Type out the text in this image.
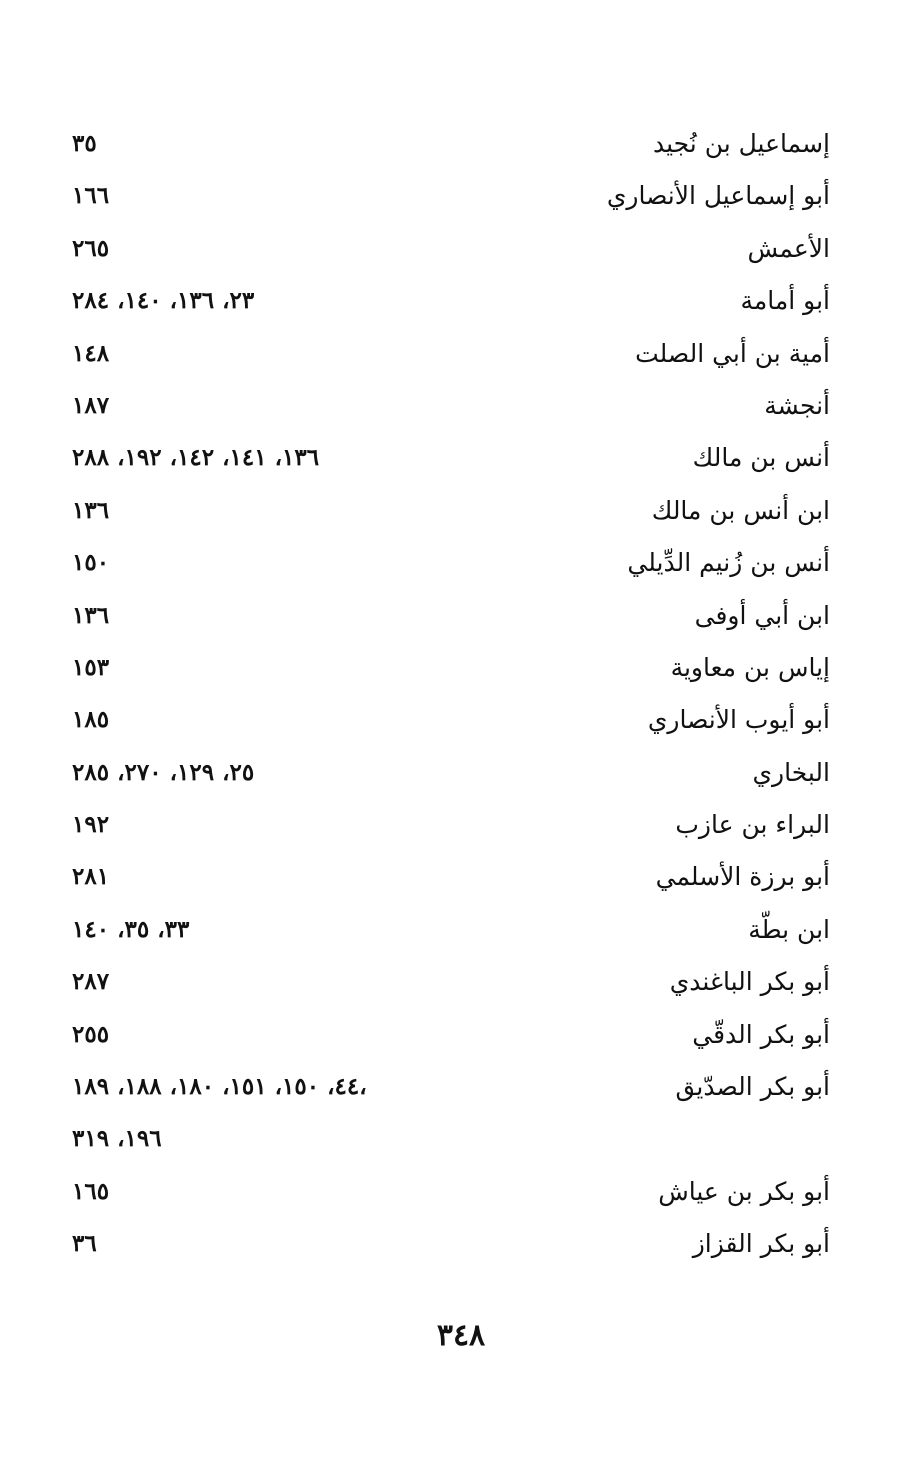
إسماعيل بن نُجيد
٣٥
أبو إسماعيل الأنصاري
١٦٦
الأعمش
٢٦٥
أبو أمامة
٢٣، ١٣٦، ١٤٠، ٢٨٤
أمية بن أبي الصلت
١٤٨
أنجشة
١٨٧
أنس بن مالك
١٣٦، ١٤١، ١٤٢، ١٩٢، ٢٨٨
ابن أنس بن مالك
١٣٦
أنس بن زُنيم الدِّيلي
١٥٠
ابن أبي أوفى
١٣٦
إياس بن معاوية
١٥٣
أبو أيوب الأنصاري
١٨٥
البخاري
٢٥، ١٢٩، ٢٧٠، ٢٨٥
البراء بن عازب
١٩٢
أبو برزة الأسلمي
٢٨١
ابن بطّة
٣٣، ٣٥، ١٤٠
أبو بكر الباغندي
٢٨٧
أبو بكر الدقّي
٢٥٥
أبو بكر الصدّيق
٤٤، ١٥٠، ١٥١، ١٨٠، ١٨٨، ١٨٩،
١٩٦، ٣١٩
أبو بكر بن عياش
١٦٥
أبو بكر القزاز
٣٦
٣٤٨
